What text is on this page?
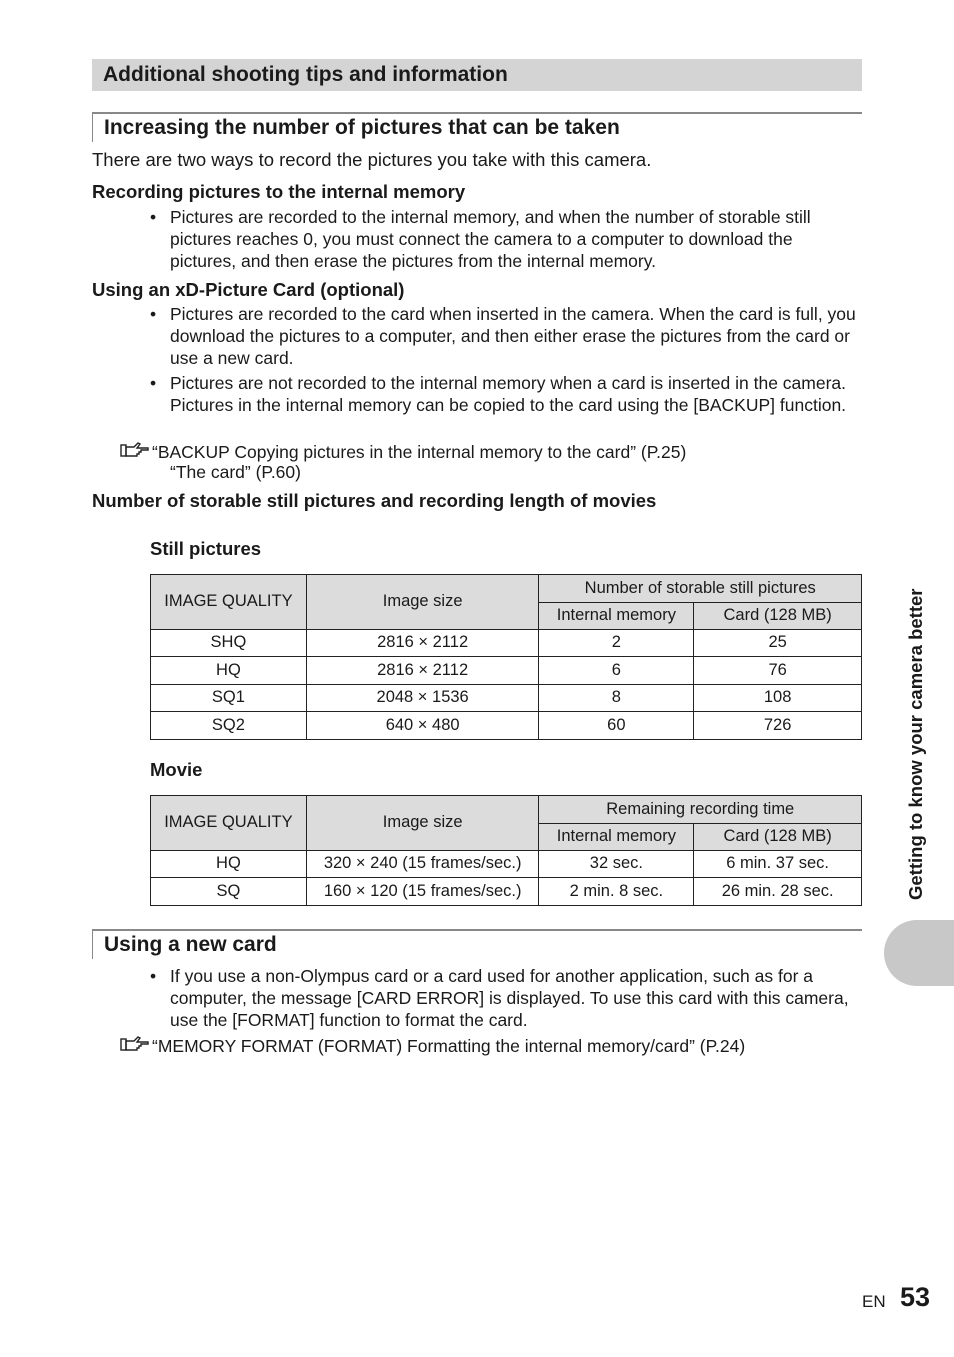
Additional shooting tips and information
Increasing the number of pictures that can be taken
There are two ways to record the pictures you take with this camera.
Recording pictures to the internal memory
• Pictures are recorded to the internal memory, and when the number of storable still pictures reaches 0, you must connect the camera to a computer to download the pictures, and then erase the pictures from the internal memory.
Using an xD-Picture Card (optional)
• Pictures are recorded to the card when inserted in the camera. When the card is full, you download the pictures to a computer, and then either erase the pictures from the card or use a new card.
• Pictures are not recorded to the internal memory when a card is inserted in the camera. Pictures in the internal memory can be copied to the card using the [BACKUP] function.
“BACKUP Copying pictures in the internal memory to the card” (P.25)
“The card” (P.60)
Number of storable still pictures and recording length of movies
Still pictures
IMAGE QUALITY	Image size	Number of storable still pictures	
		Internal memory	Card (128 MB)
SHQ	2816 × 2112	2	25
HQ	2816 × 2112	6	76
SQ1	2048 × 1536	8	108
SQ2	640 × 480	60	726
Movie
IMAGE QUALITY	Image size	Remaining recording time	
		Internal memory	Card (128 MB)
HQ	320 × 240 (15 frames/sec.)	32 sec.	6 min. 37 sec.
SQ	160 × 120 (15 frames/sec.)	2 min. 8 sec.	26 min. 28 sec.
Using a new card
• If you use a non-Olympus card or a card used for another application, such as for a computer, the message [CARD ERROR] is displayed. To use this card with this camera, use the [FORMAT] function to format the card.
“MEMORY FORMAT (FORMAT) Formatting the internal memory/card” (P.24)
Getting to know your camera better
EN 53
